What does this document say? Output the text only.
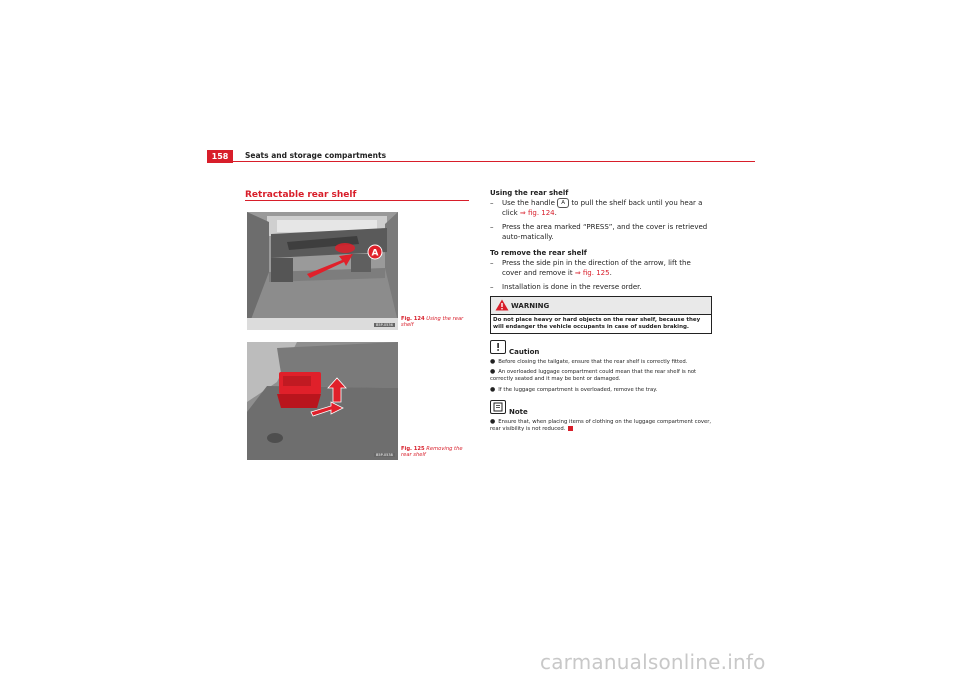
158	Seats and storage compartments
Retractable rear shelf
A
B5P-0536
Fig. 124 Using the rear shelf
B5P-0538
Fig. 125 Removing the rear shelf

Using the rear shelf

– Use the handle A to pull the shelf back until you hear a click ⇒ fig. 124.
– Press the area marked “PRESS”, and the cover is retrieved auto-matically.

To remove the rear shelf

– Press the side pin in the direction of the arrow, lift the cover and remove it ⇒ fig. 125.
– Installation is done in the reverse order.
WARNING
Do not place heavy or hard objects on the rear shelf, because they will endanger the vehicle occupants in case of sudden braking.
Caution

● Before closing the tailgate, ensure that the rear shelf is correctly fitted.

● An overloaded luggage compartment could mean that the rear shelf is not correctly seated and it may be bent or damaged.

● If the luggage compartment is overloaded, remove the tray.

Note

● Ensure that, when placing items of clothing on the luggage compartment cover, rear visibility is not reduced.

carmanualsonline.info
